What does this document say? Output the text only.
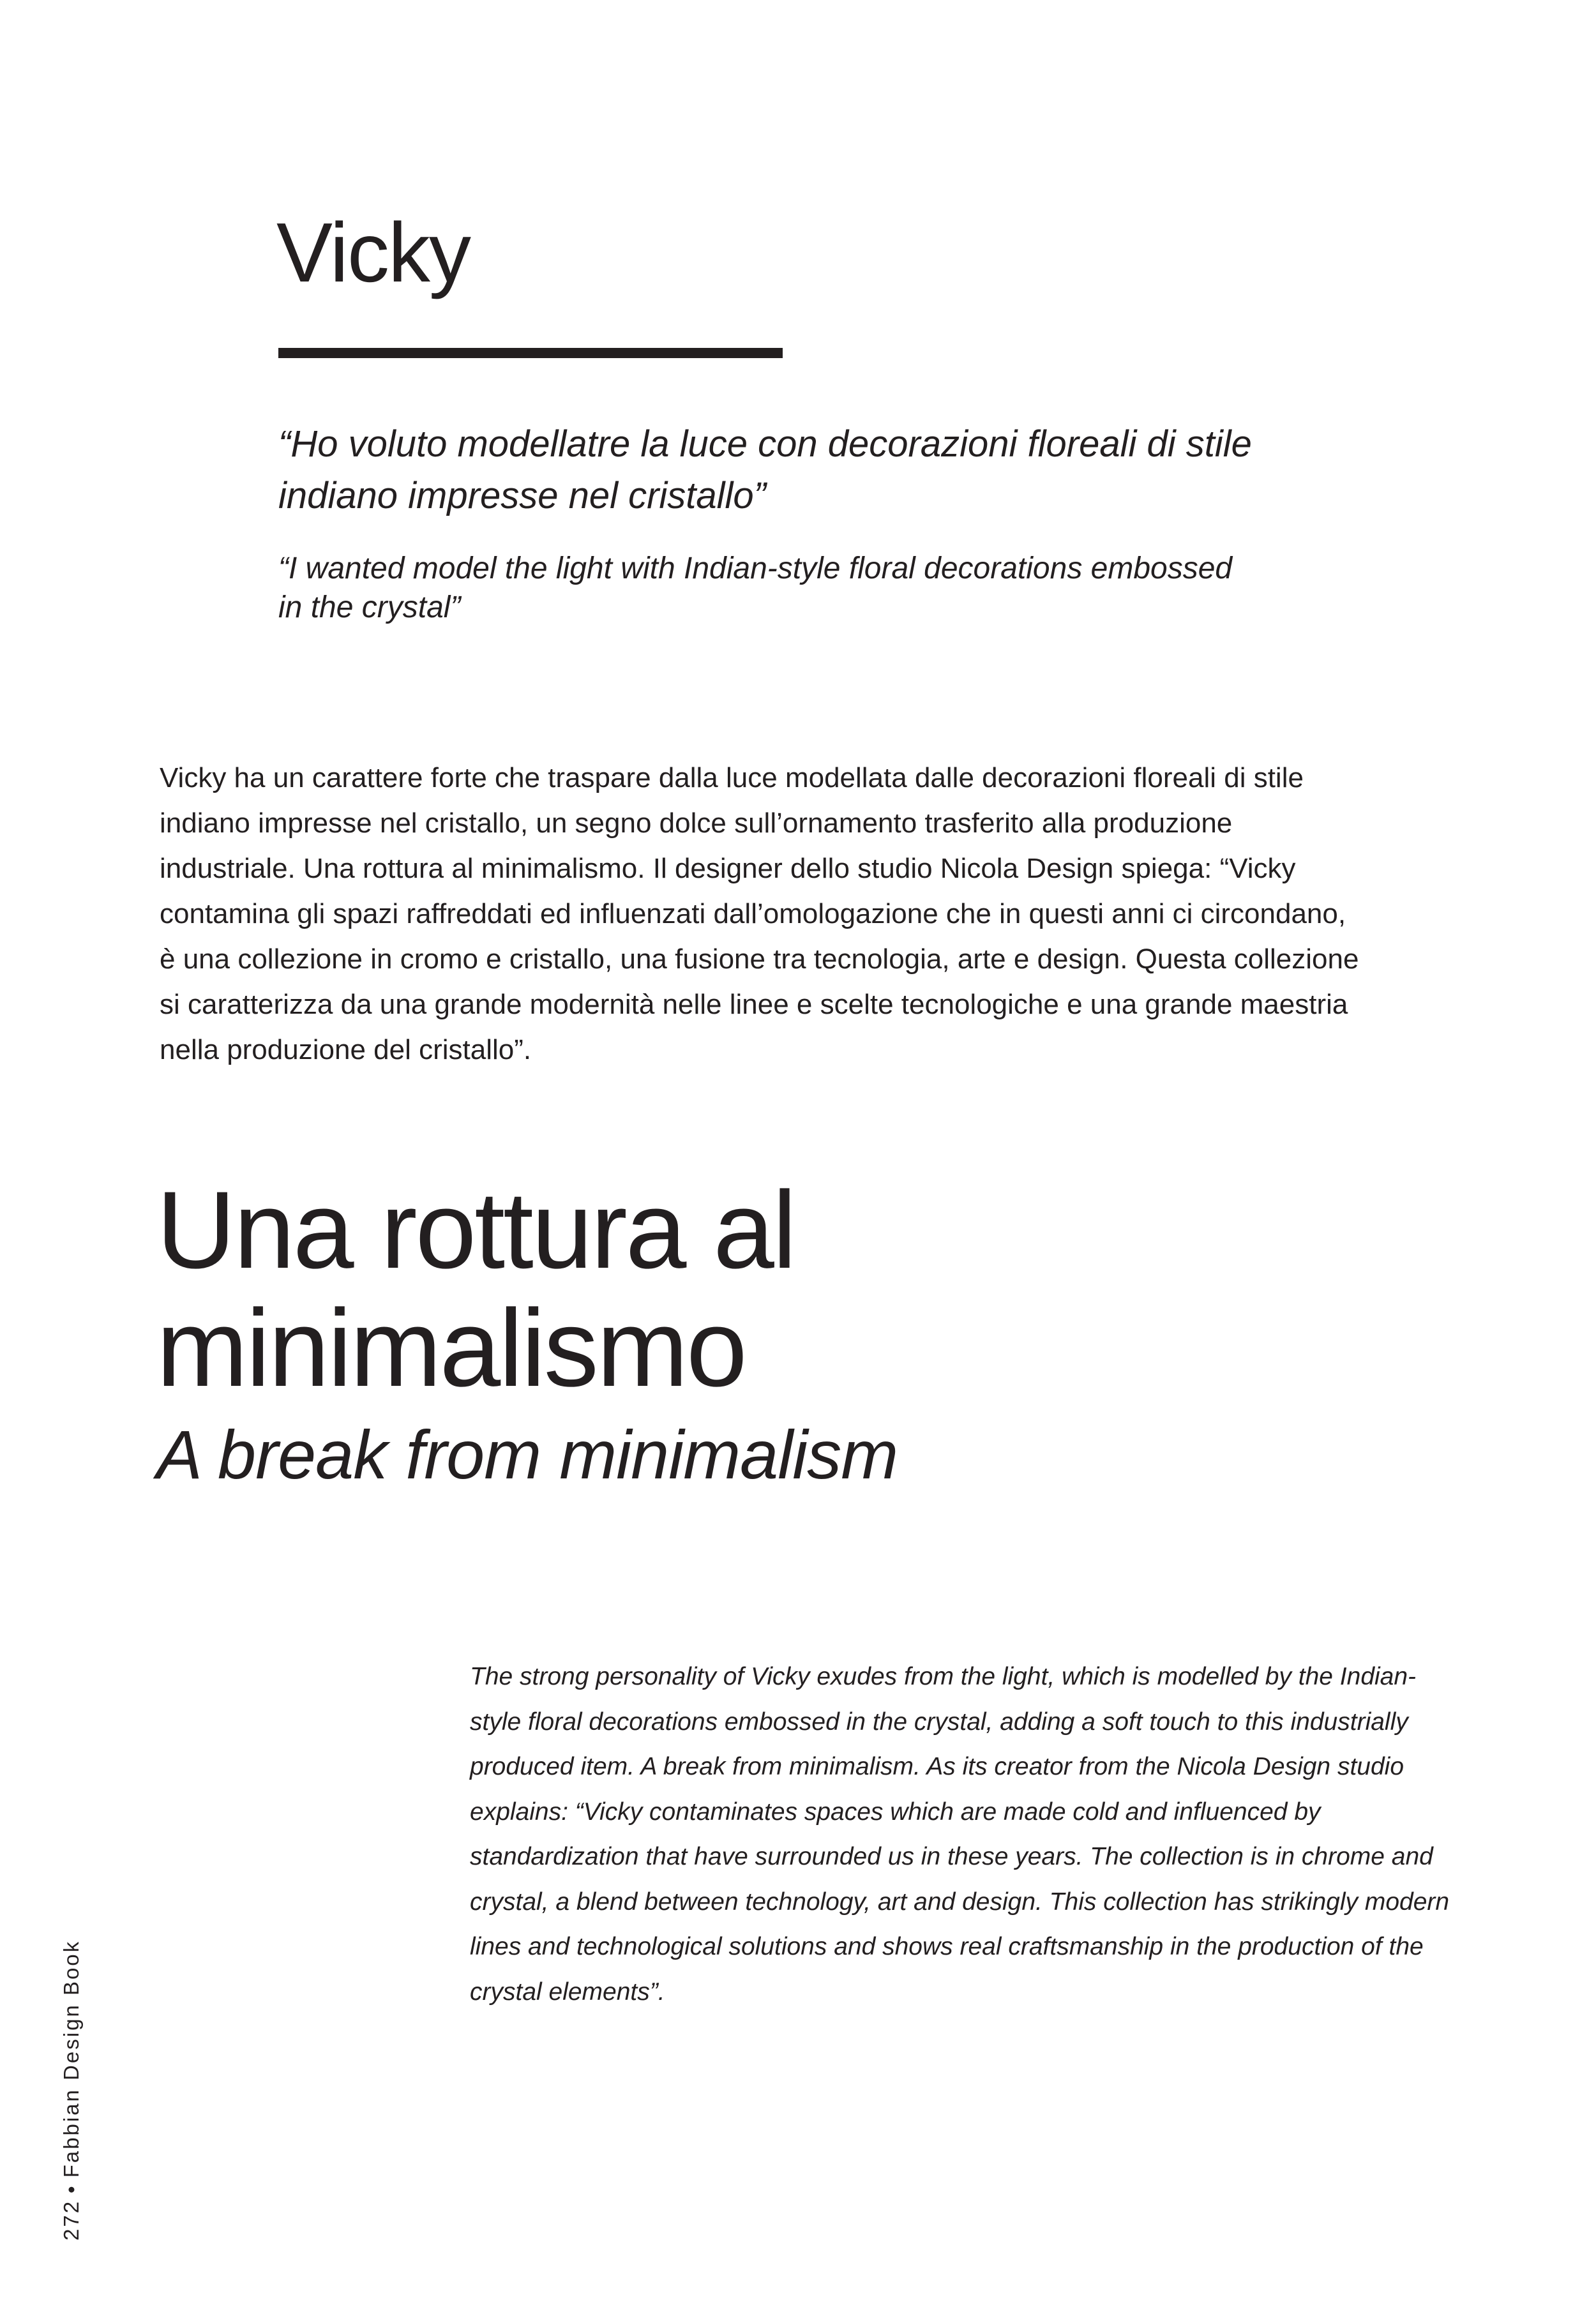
Vicky

“Ho voluto modellatre la luce con decorazioni floreali di stile indiano impresse nel cristallo”

“I wanted model the light with Indian-style floral decorations embossed in the crystal”

Vicky ha un carattere forte che traspare dalla luce modellata dalle decorazioni floreali di stile indiano impresse nel cristallo, un segno dolce sull’ornamento trasferito alla produzione industriale. Una rottura al minimalismo. Il designer dello studio Nicola Design spiega: “Vicky contamina gli spazi raffreddati ed influenzati dall’omologazione che in questi anni ci circondano, è una collezione in cromo e cristallo, una fusione tra tecnologia, arte e design. Questa collezione si caratterizza da una grande modernità nelle linee e scelte tecnologiche e una grande maestria nella produzione del cristallo”.

Una rottura al minimalismo
A break from minimalism

The strong personality of Vicky exudes from the light, which is modelled by the Indian-style floral decorations embossed in the crystal, adding a soft touch to this industrially produced item. A break from minimalism. As its creator from the Nicola Design studio explains: “Vicky contaminates spaces which are made cold and influenced by standardization that have surrounded us in these years. The collection is in chrome and crystal, a blend between technology, art and design. This collection has strikingly modern lines and technological solutions and shows real craftsmanship in the production of the crystal elements”.

272•Fabbian Design Book
